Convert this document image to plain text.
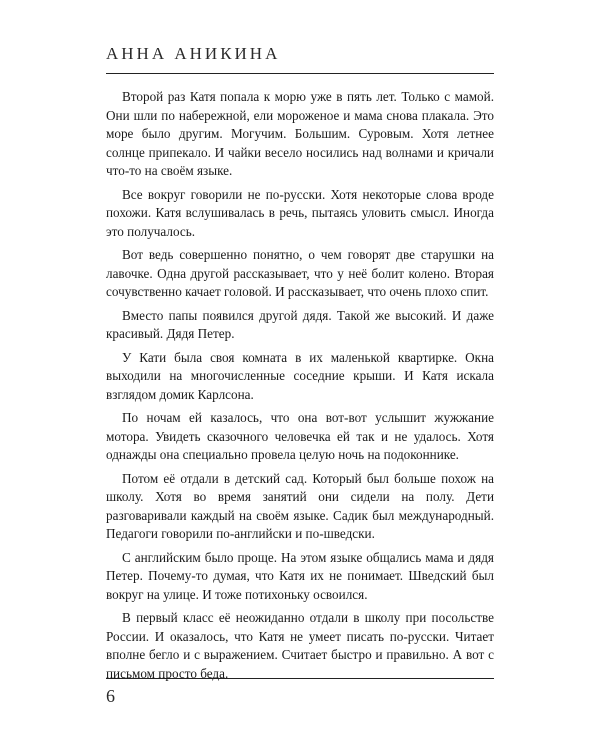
АННА АНИКИНА

Второй раз Катя попала к морю уже в пять лет. Только с мамой. Они шли по набережной, ели мороженое и мама снова плакала. Это море было другим. Могучим. Большим. Суровым. Хотя летнее солнце припекало. И чайки весело носились над волнами и кричали что-то на своём языке.

Все вокруг говорили не по-русски. Хотя некоторые слова вроде похожи. Катя вслушивалась в речь, пытаясь уловить смысл. Иногда это получалось.

Вот ведь совершенно понятно, о чем говорят две старушки на лавочке. Одна другой рассказывает, что у неё болит колено. Вторая сочувственно качает головой. И рассказывает, что очень плохо спит.

Вместо папы появился другой дядя. Такой же высокий. И даже красивый. Дядя Петер.

У Кати была своя комната в их маленькой квартирке. Окна выходили на многочисленные соседние крыши. И Катя искала взглядом домик Карлсона.

По ночам ей казалось, что она вот-вот услышит жужжание мотора. Увидеть сказочного человечка ей так и не удалось. Хотя однажды она специально провела целую ночь на подоконнике.

Потом её отдали в детский сад. Который был больше похож на школу. Хотя во время занятий они сидели на полу. Дети разговаривали каждый на своём языке. Садик был международный. Педагоги говорили по-английски и по-шведски.

С английским было проще. На этом языке общались мама и дядя Петер. Почему-то думая, что Катя их не понимает. Шведский был вокруг на улице. И тоже потихоньку освоился.

В первый класс её неожиданно отдали в школу при посольстве России. И оказалось, что Катя не умеет писать по-русски. Читает вполне бегло и с выражением. Считает быстро и правильно. А вот с письмом просто беда.

6
